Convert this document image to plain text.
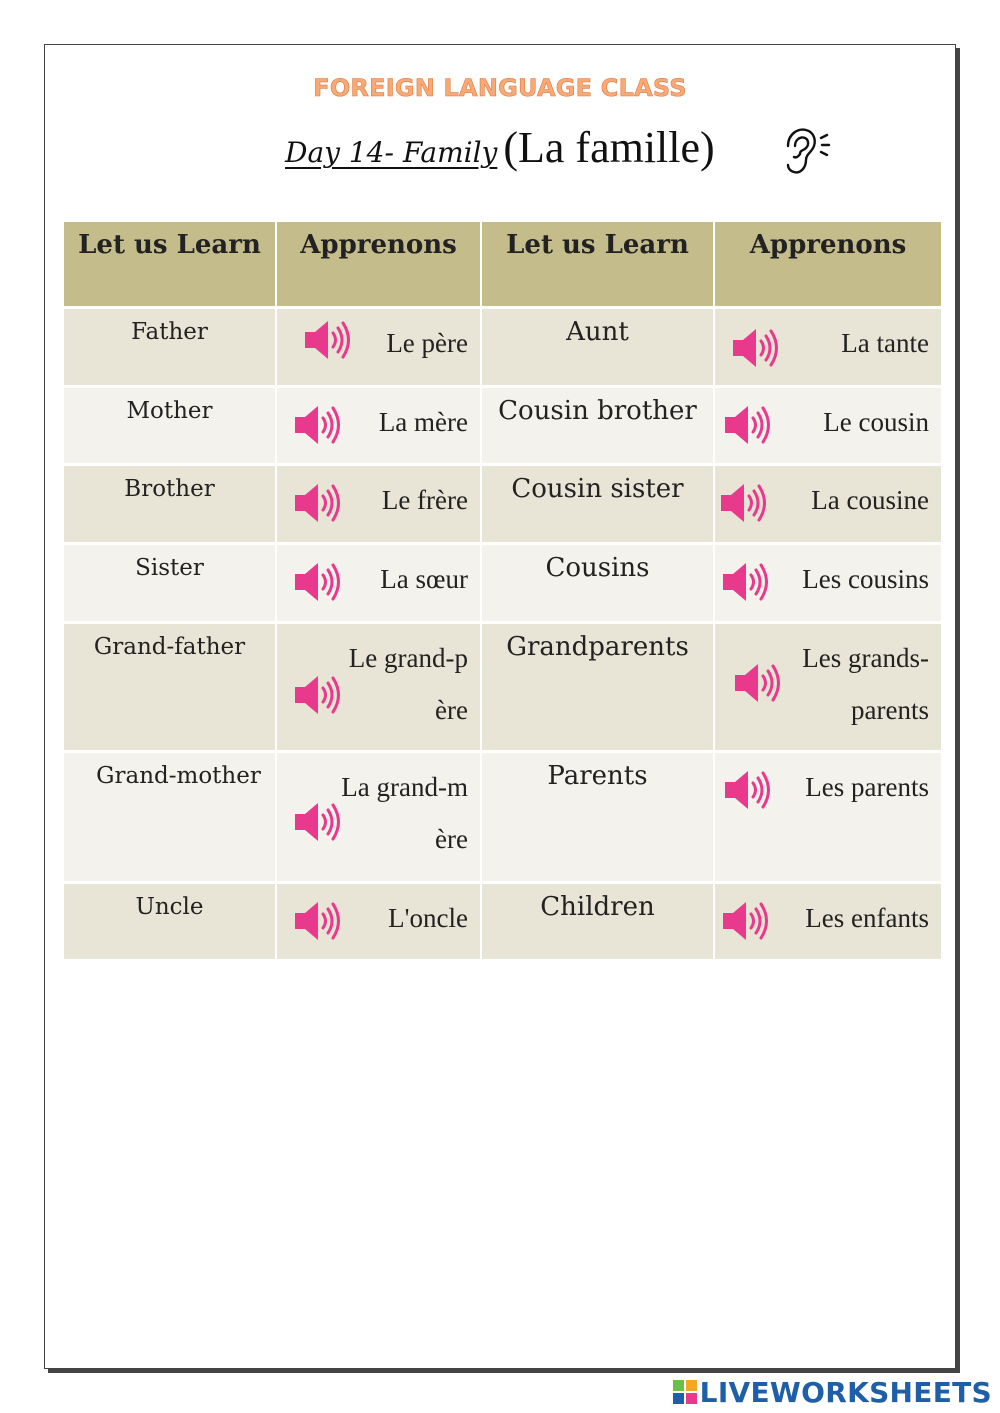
FOREIGN LANGUAGE CLASS
Day 14- Family (La famille)
Let us Learn	Apprenons	Let us Learn	Apprenons
Father	Le père	Aunt	La tante
Mother	La mère	Cousin brother	Le cousin
Brother	Le frère	Cousin sister	La cousine
Sister	La sœur	Cousins	Les cousins
Grand-father	Le grand-père	Grandparents	Les grands-parents
Grand-mother	La grand-mère	Parents	Les parents
Uncle	L'oncle	Children	Les enfants
LIVEWORKSHEETS
